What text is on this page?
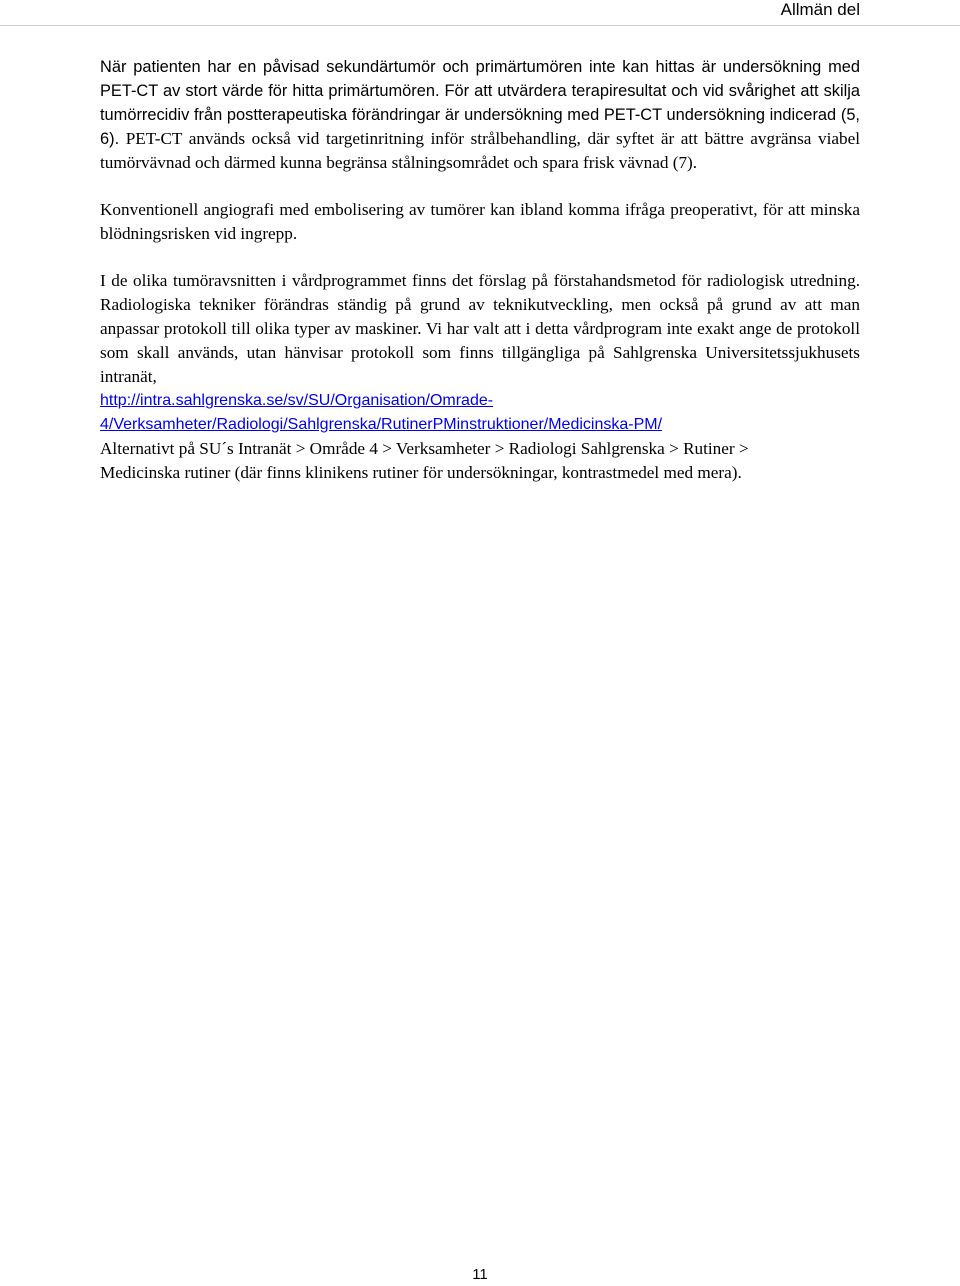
Allmän del

När patienten har en påvisad sekundärtumör och primärtumören inte kan hittas är undersökning med PET-CT av stort värde för hitta primärtumören. För att utvärdera terapiresultat och vid svårighet att skilja tumörrecidiv från postterapeutiska förändringar är undersökning med PET-CT undersökning indicerad (5, 6). PET-CT används också vid targetinritning inför strålbehandling, där syftet är att bättre avgränsa viabel tumörvävnad och därmed kunna begränsa stålningsområdet och spara frisk vävnad (7).

Konventionell angiografi med embolisering av tumörer kan ibland komma ifråga preoperativt, för att minska blödningsrisken vid ingrepp.

I de olika tumöravsnitten i vårdprogrammet finns det förslag på förstahandsmetod för radiologisk utredning. Radiologiska tekniker förändras ständig på grund av teknikutveckling, men också på grund av att man anpassar protokoll till olika typer av maskiner. Vi har valt att i detta vårdprogram inte exakt ange de protokoll som skall används, utan hänvisar protokoll som finns tillgängliga på Sahlgrenska Universitetssjukhusets intranät,

http://intra.sahlgrenska.se/sv/SU/Organisation/Omrade-
4/Verksamheter/Radiologi/Sahlgrenska/RutinerPMinstruktioner/Medicinska-PM/

Alternativt på SU´s Intranät > Område 4 > Verksamheter > Radiologi Sahlgrenska > Rutiner >

Medicinska rutiner (där finns klinikens rutiner för undersökningar, kontrastmedel med mera).

11
